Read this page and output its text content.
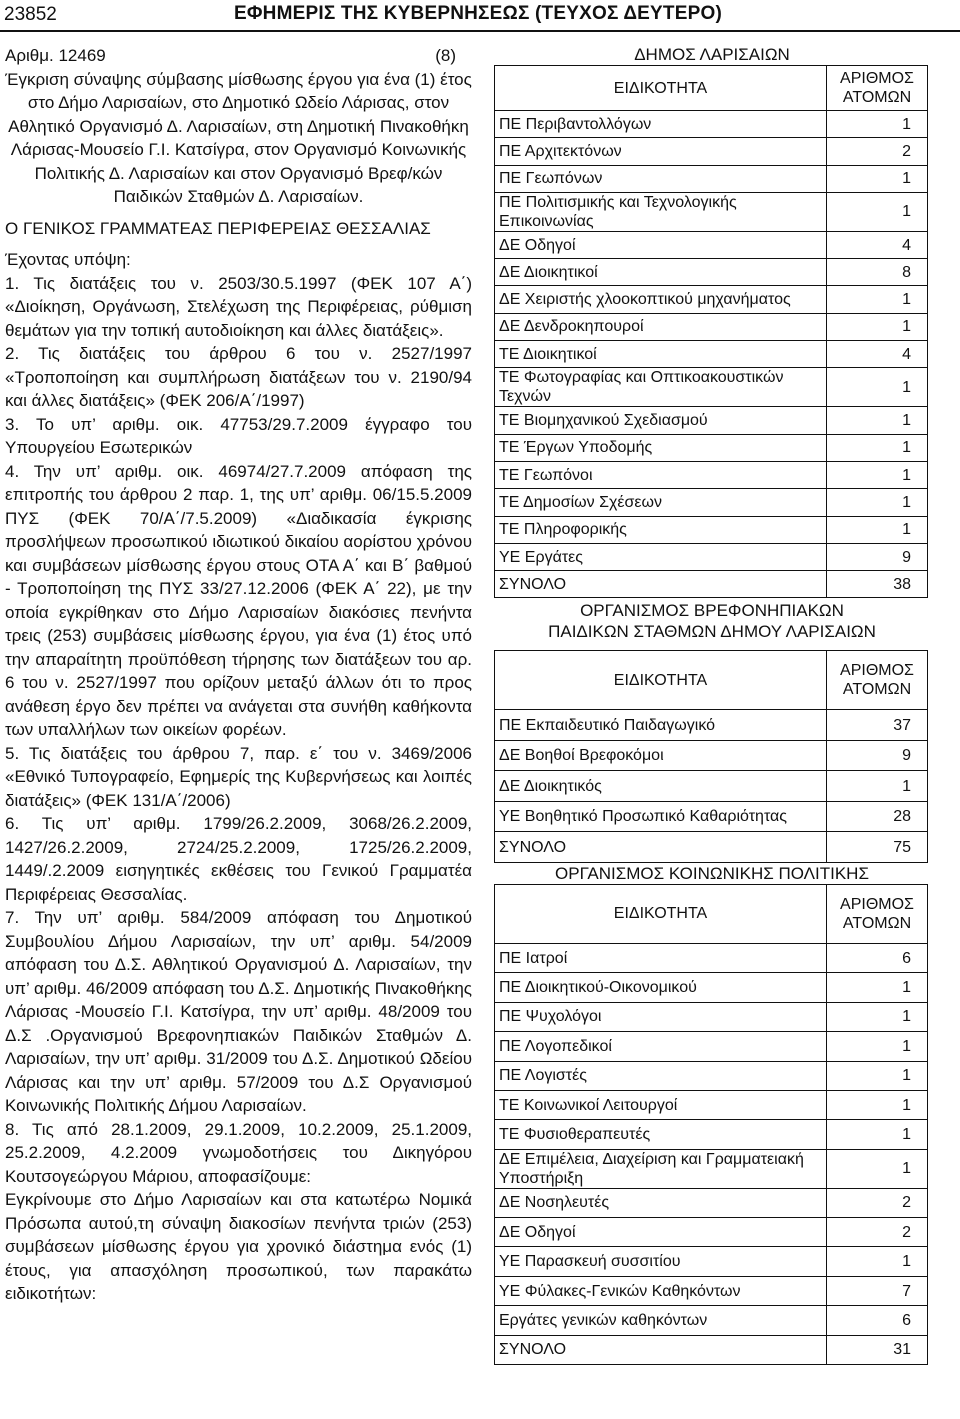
23852	ΕΦΗΜΕΡΙΣ ΤΗΣ ΚΥΒΕΡΝΗΣΕΩΣ (ΤΕΥΧΟΣ ΔΕΥΤΕΡΟ)
Αριθμ. 12469	(8)

Έγκριση σύναψης σύμβασης μίσθωσης έργου για ένα (1) έτος στο Δήμο Λαρισαίων, στο Δημοτικό Ωδείο Λάρισας, στον Αθλητικό Οργανισμό Δ. Λαρισαίων, στη Δημοτική Πινακοθήκη Λάρισας-Μουσείο Γ.Ι. Κατσίγρα, στον Οργανισμό Κοινωνικής Πολιτικής Δ. Λαρισαίων και στον Οργανισμό Βρεφ/κών Παιδικών Σταθμών Δ. Λαρισαίων.

Ο ΓΕΝΙΚΟΣ ΓΡΑΜΜΑΤΕΑΣ ΠΕΡΙΦΕΡΕΙΑΣ ΘΕΣΣΑΛΙΑΣ

Έχοντας υπόψη:

1. Τις διατάξεις του ν. 2503/30.5.1997 (ΦΕΚ 107 Α΄) «Διοίκηση, Οργάνωση, Στελέχωση της Περιφέρειας, ρύθμιση θεμάτων για την τοπική αυτοδιοίκηση και άλλες διατάξεις».

2. Τις διατάξεις του άρθρου 6 του ν. 2527/1997 «Τροποποίηση και συμπλήρωση διατάξεων του ν. 2190/94 και άλλες διατάξεις» (ΦΕΚ 206/Α΄/1997)

3. Το υπ’ αριθμ. οικ. 47753/29.7.2009 έγγραφο του Υπουργείου Εσωτερικών

4. Την υπ’ αριθμ. οικ. 46974/27.7.2009 απόφαση της επιτροπής του άρθρου 2 παρ. 1, της υπ’ αριθμ. 06/15.5.2009 ΠΥΣ (ΦΕΚ 70/Α΄/7.5.2009) «Διαδικασία έγκρισης προσλήψεων προσωπικού ιδιωτικού δικαίου αορίστου χρόνου και συμβάσεων μίσθωσης έργου στους ΟΤΑ Α΄ και Β΄ βαθμού - Τροποποίηση της ΠΥΣ 33/27.12.2006 (ΦΕΚ Α΄ 22), με την οποία εγκρίθηκαν στο Δήμο Λαρισαίων διακόσιες πενήντα τρεις (253) συμβάσεις μίσθωσης έργου, για ένα (1) έτος υπό την απαραίτητη προϋπόθεση τήρησης των διατάξεων του αρ. 6 του ν. 2527/1997 που ορίζουν μεταξύ άλλων ότι το προς ανάθεση έργο δεν πρέπει να ανάγεται στα συνήθη καθήκοντα των υπαλλήλων των οικείων φορέων.

5. Τις διατάξεις του άρθρου 7, παρ. ε΄ του ν. 3469/2006 «Εθνικό Τυπογραφείο, Εφημερίς της Κυβερνήσεως και λοιπές διατάξεις» (ΦΕΚ 131/Α΄/2006)

6. Τις υπ’ αριθμ. 1799/26.2.2009, 3068/26.2.2009, 1427/26.2.2009, 2724/25.2.2009, 1725/26.2.2009, 1449/.2.2009 εισηγητικές εκθέσεις του Γενικού Γραμματέα Περιφέρειας Θεσσαλίας.

7. Την υπ’ αριθμ. 584/2009 απόφαση του Δημοτικού Συμβουλίου Δήμου Λαρισαίων, την υπ’ αριθμ. 54/2009 απόφαση του Δ.Σ. Αθλητικού Οργανισμού Δ. Λαρισαίων, την υπ’ αριθμ. 46/2009 απόφαση του Δ.Σ. Δημοτικής Πινακοθήκης Λάρισας -Μουσείο Γ.Ι. Κατσίγρα, την υπ’ αριθμ. 48/2009 του Δ.Σ .Οργανισμού Βρεφονηπιακών Παιδικών Σταθμών Δ. Λαρισαίων, την υπ’ αριθμ. 31/2009 του Δ.Σ. Δημοτικού Ωδείου Λάρισας και την υπ’ αριθμ. 57/2009 του Δ.Σ Οργανισμού Κοινωνικής Πολιτικής Δήμου Λαρισαίων.

8. Τις από 28.1.2009, 29.1.2009, 10.2.2009, 25.1.2009, 25.2.2009, 4.2.2009 γνωμοδοτήσεις του Δικηγόρου Κουτσογεώργου Μάριου, αποφασίζουμε:

Εγκρίνουμε στο Δήμο Λαρισαίων και στα κατωτέρω Νομικά Πρόσωπα αυτού,τη σύναψη διακοσίων πενήντα τριών (253) συμβάσεων μίσθωσης έργου για χρονικό διάστημα ενός (1) έτους, για απασχόληση προσωπικού, των παρακάτω ειδικοτήτων:

ΔΗΜΟΣ ΛΑΡΙΣΑΙΩΝ
ΕΙΔΙΚΟΤΗΤΑ	ΑΡΙΘΜΟΣ ΑΤΟΜΩΝ
ΠΕ Περιβαντολλόγων	1
ΠΕ Αρχιτεκτόνων	2
ΠΕ Γεωπόνων	1
ΠΕ Πολιτισμικής και Τεχνολογικής Επικοινωνίας	1
ΔΕ Οδηγοί	4
ΔΕ Διοικητικοί	8
ΔΕ Χειριστής χλοοκοπτικού μηχανήματος	1
ΔΕ Δενδροκηπουροί	1
ΤΕ Διοικητικοί	4
ΤΕ Φωτογραφίας και Οπτικοακουστικών Τεχνών	1
ΤΕ Βιομηχανικού Σχεδιασμού	1
ΤΕ Έργων Υποδομής	1
ΤΕ Γεωπόνοι	1
ΤΕ Δημοσίων Σχέσεων	1
ΤΕ Πληροφορικής	1
ΥΕ Εργάτες	9
ΣΥΝΟΛΟ	38
ΟΡΓΑΝΙΣΜΟΣ ΒΡΕΦΟΝΗΠΙΑΚΩΝ
ΠΑΙΔΙΚΩΝ ΣΤΑΘΜΩΝ ΔΗΜΟΥ ΛΑΡΙΣΑΙΩΝ
ΕΙΔΙΚΟΤΗΤΑ	ΑΡΙΘΜΟΣ ΑΤΟΜΩΝ
ΠΕ Εκπαιδευτικό Παιδαγωγικό	37
ΔΕ Βοηθοί Βρεφοκόμοι	9
ΔΕ Διοικητικός	1
ΥΕ Βοηθητικό Προσωπικό Καθαριότητας	28
ΣΥΝΟΛΟ	75
ΟΡΓΑΝΙΣΜΟΣ ΚΟΙΝΩΝΙΚΗΣ ΠΟΛΙΤΙΚΗΣ
ΕΙΔΙΚΟΤΗΤΑ	ΑΡΙΘΜΟΣ ΑΤΟΜΩΝ
ΠΕ Ιατροί	6
ΠΕ Διοικητικού-Οικονομικού	1
ΠΕ Ψυχολόγοι	1
ΠΕ Λογοπεδικοί	1
ΠΕ Λογιστές	1
ΤΕ Κοινωνικοί Λειτουργοί	1
ΤΕ Φυσιοθεραπευτές	1
ΔΕ Επιμέλεια, Διαχείριση και Γραμματειακή Υποστήριξη	1
ΔΕ Νοσηλευτές	2
ΔΕ Οδηγοί	2
ΥΕ Παρασκευή συσσιτίου	1
ΥΕ Φύλακες-Γενικών Καθηκόντων	7
Εργάτες γενικών καθηκόντων	6
ΣΥΝΟΛΟ	31
